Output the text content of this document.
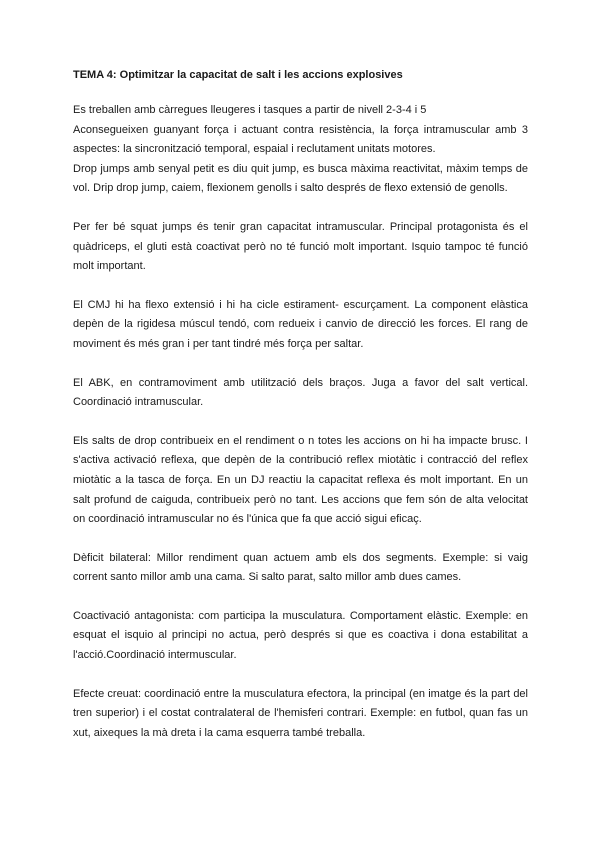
TEMA 4: Optimitzar la capacitat de salt i les accions explosives
Es treballen amb càrregues lleugeres i tasques a partir de nivell 2-3-4 i 5
Aconsegueixen guanyant força i actuant contra resistència, la força intramuscular amb 3 aspectes: la sincronització temporal, espaial i reclutament unitats motores.
Drop jumps amb senyal petit es diu quit jump, es busca màxima reactivitat, màxim temps de vol. Drip drop jump, caiem, flexionem genolls i salto després de flexo extensió de genolls.
Per fer bé squat jumps és tenir gran capacitat intramuscular. Principal protagonista és el quàdriceps, el gluti està coactivat però no té funció molt important. Isquio tampoc té funció molt important.
El CMJ hi ha flexo extensió i hi ha cicle estirament- escurçament. La component elàstica depèn de la rigidesa múscul tendó, com redueix i canvio de direcció les forces. El rang de moviment és més gran i per tant tindré més força per saltar.
El ABK, en contramoviment amb utilització dels braços. Juga a favor del salt vertical. Coordinació intramuscular.
Els salts de drop contribueix en el rendiment o n totes les accions on hi ha impacte brusc. I s'activa activació reflexa, que depèn de la contribució reflex miotàtic i contracció del reflex miotàtic a la tasca de força. En un DJ reactiu la capacitat reflexa és molt important. En un salt profund de caiguda, contribueix però no tant. Les accions que fem són de alta velocitat on coordinació intramuscular no és l'única que fa que acció sigui eficaç.
Dèficit bilateral: Millor rendiment quan actuem amb els dos segments. Exemple: si vaig corrent santo millor amb una cama. Si salto parat, salto millor amb dues cames.
Coactivació antagonista: com participa la musculatura. Comportament elàstic. Exemple: en esquat el isquio al principi no actua, però després si que es coactiva i dona estabilitat a l'acció.Coordinació intermuscular.
Efecte creuat: coordinació entre la musculatura efectora, la principal (en imatge és la part del tren superior) i el costat contralateral de l'hemisferi contrari. Exemple: en futbol, quan fas un xut, aixeques la mà dreta i la cama esquerra també treballa.
